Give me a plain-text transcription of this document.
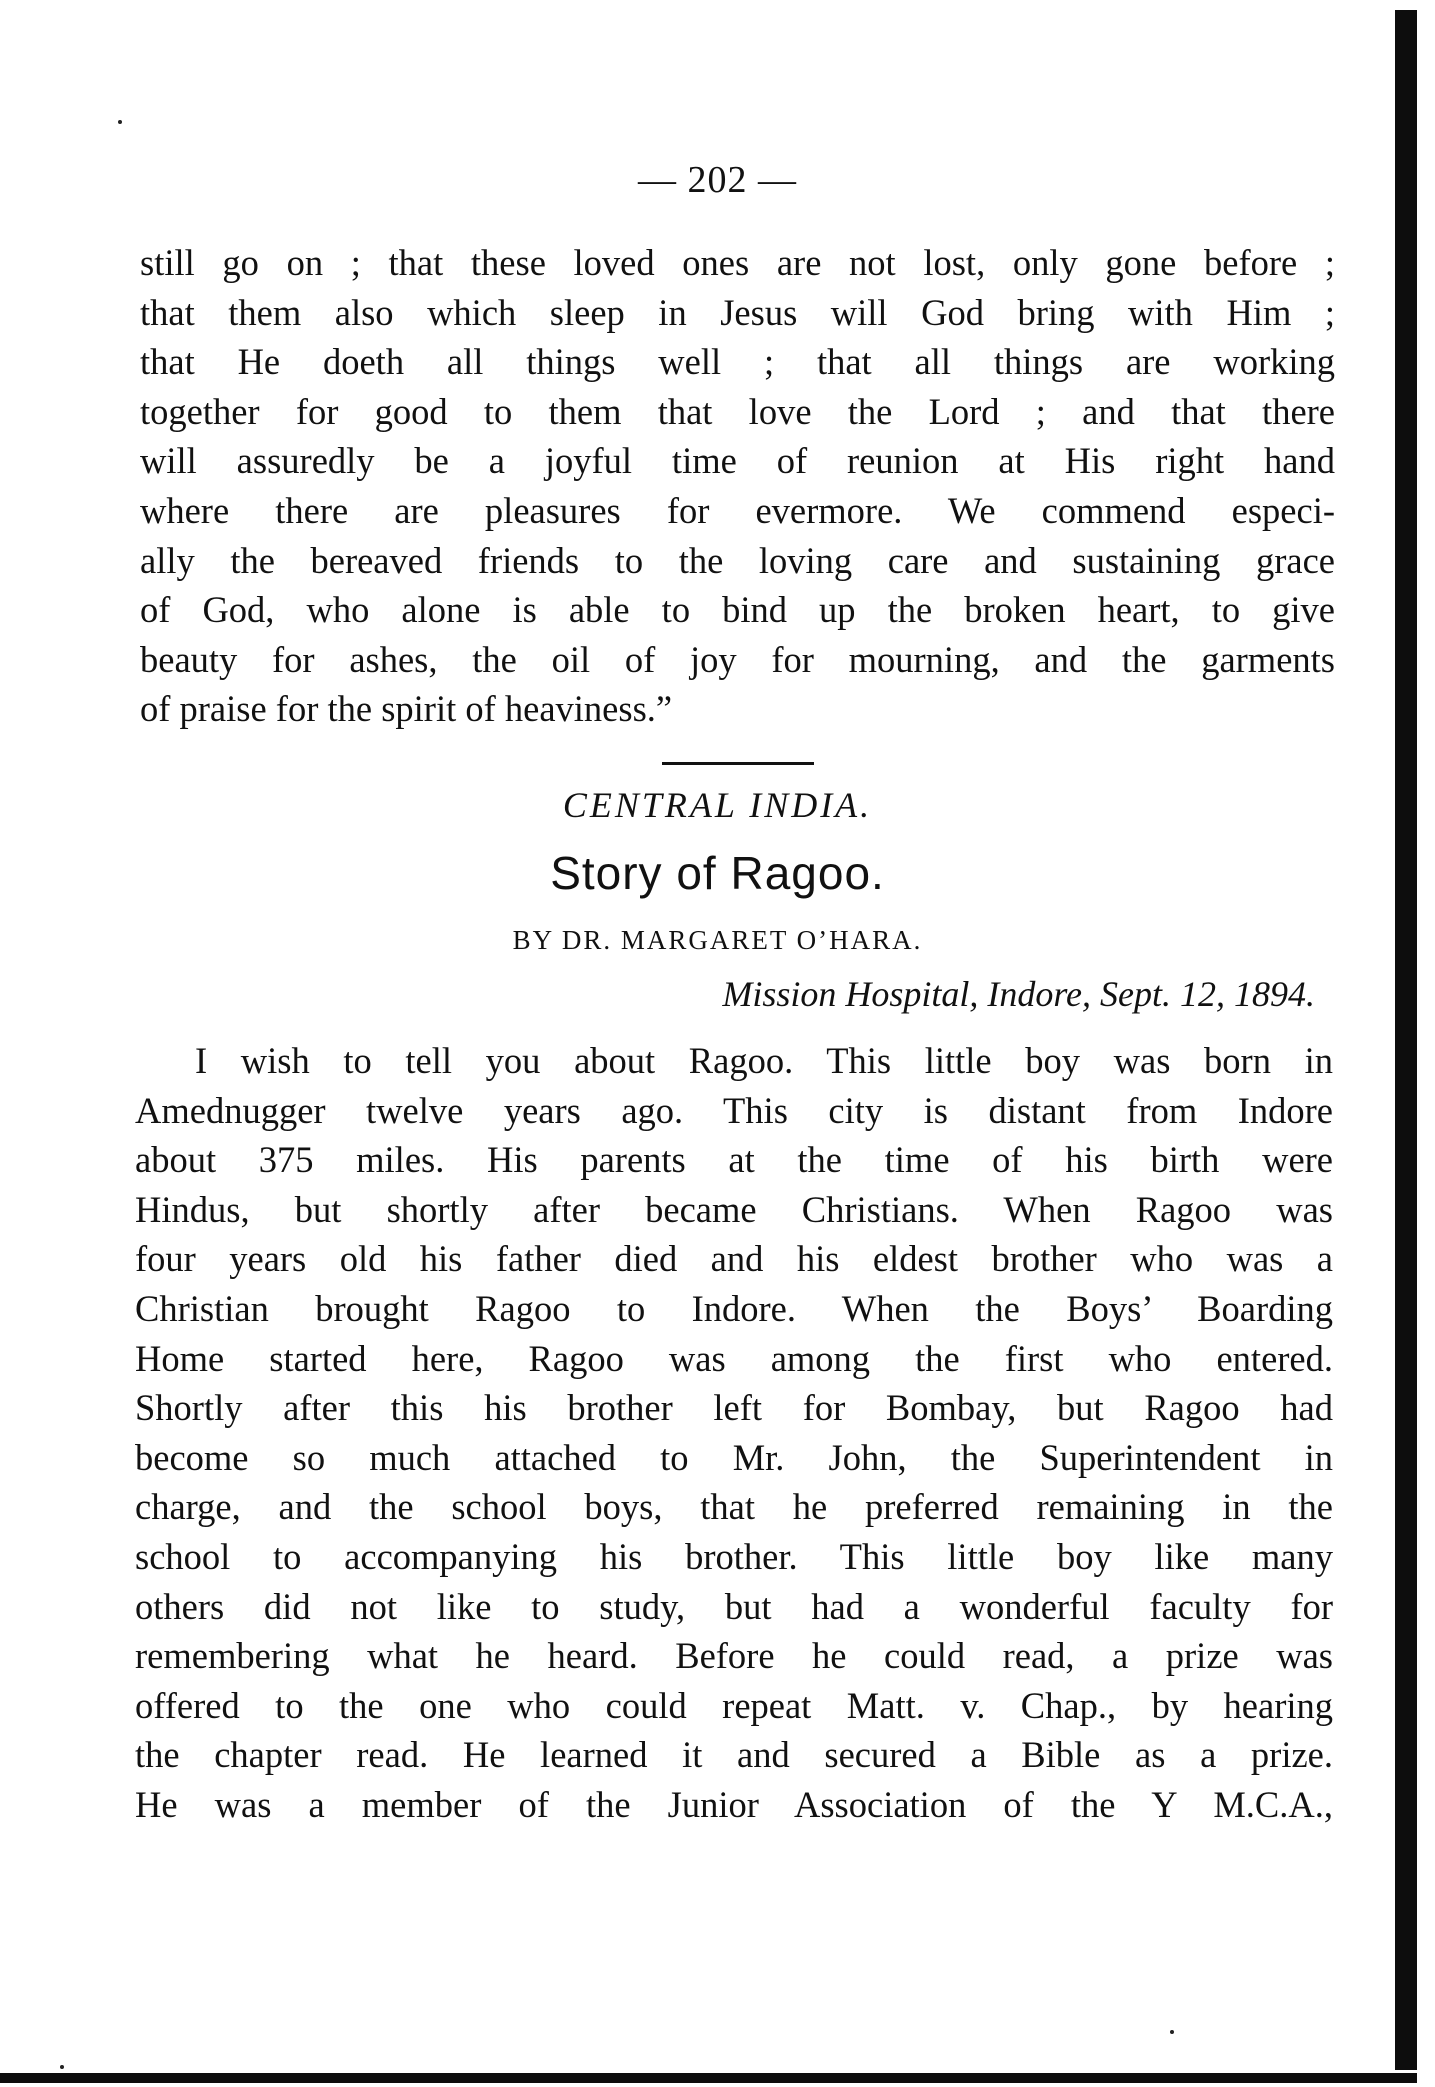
— 202 —
still go on ; that these loved ones are not lost, only gone before ;
that them also which sleep in Jesus will God bring with Him ;
that He doeth all things well ; that all things are working
together for good to them that love the Lord ; and that there
will assuredly be a joyful time of reunion at His right hand
where there are pleasures for evermore. We commend especi-
ally the bereaved friends to the loving care and sustaining grace
of God, who alone is able to bind up the broken heart, to give
beauty for ashes, the oil of joy for mourning, and the garments
of praise for the spirit of heaviness.”
CENTRAL INDIA.
Story of Ragoo.
BY DR. MARGARET O’HARA.
Mission Hospital, Indore, Sept. 12, 1894.
I wish to tell you about Ragoo. This little boy was born in
Amednugger twelve years ago. This city is distant from Indore
about 375 miles. His parents at the time of his birth were
Hindus, but shortly after became Christians. When Ragoo was
four years old his father died and his eldest brother who was a
Christian brought Ragoo to Indore. When the Boys’ Boarding
Home started here, Ragoo was among the first who entered.
Shortly after this his brother left for Bombay, but Ragoo had
become so much attached to Mr. John, the Superintendent in
charge, and the school boys, that he preferred remaining in the
school to accompanying his brother. This little boy like many
others did not like to study, but had a wonderful faculty for
remembering what he heard. Before he could read, a prize was
offered to the one who could repeat Matt. v. Chap., by hearing
the chapter read. He learned it and secured a Bible as a prize.
He was a member of the Junior Association of the Y M.C.A.,
